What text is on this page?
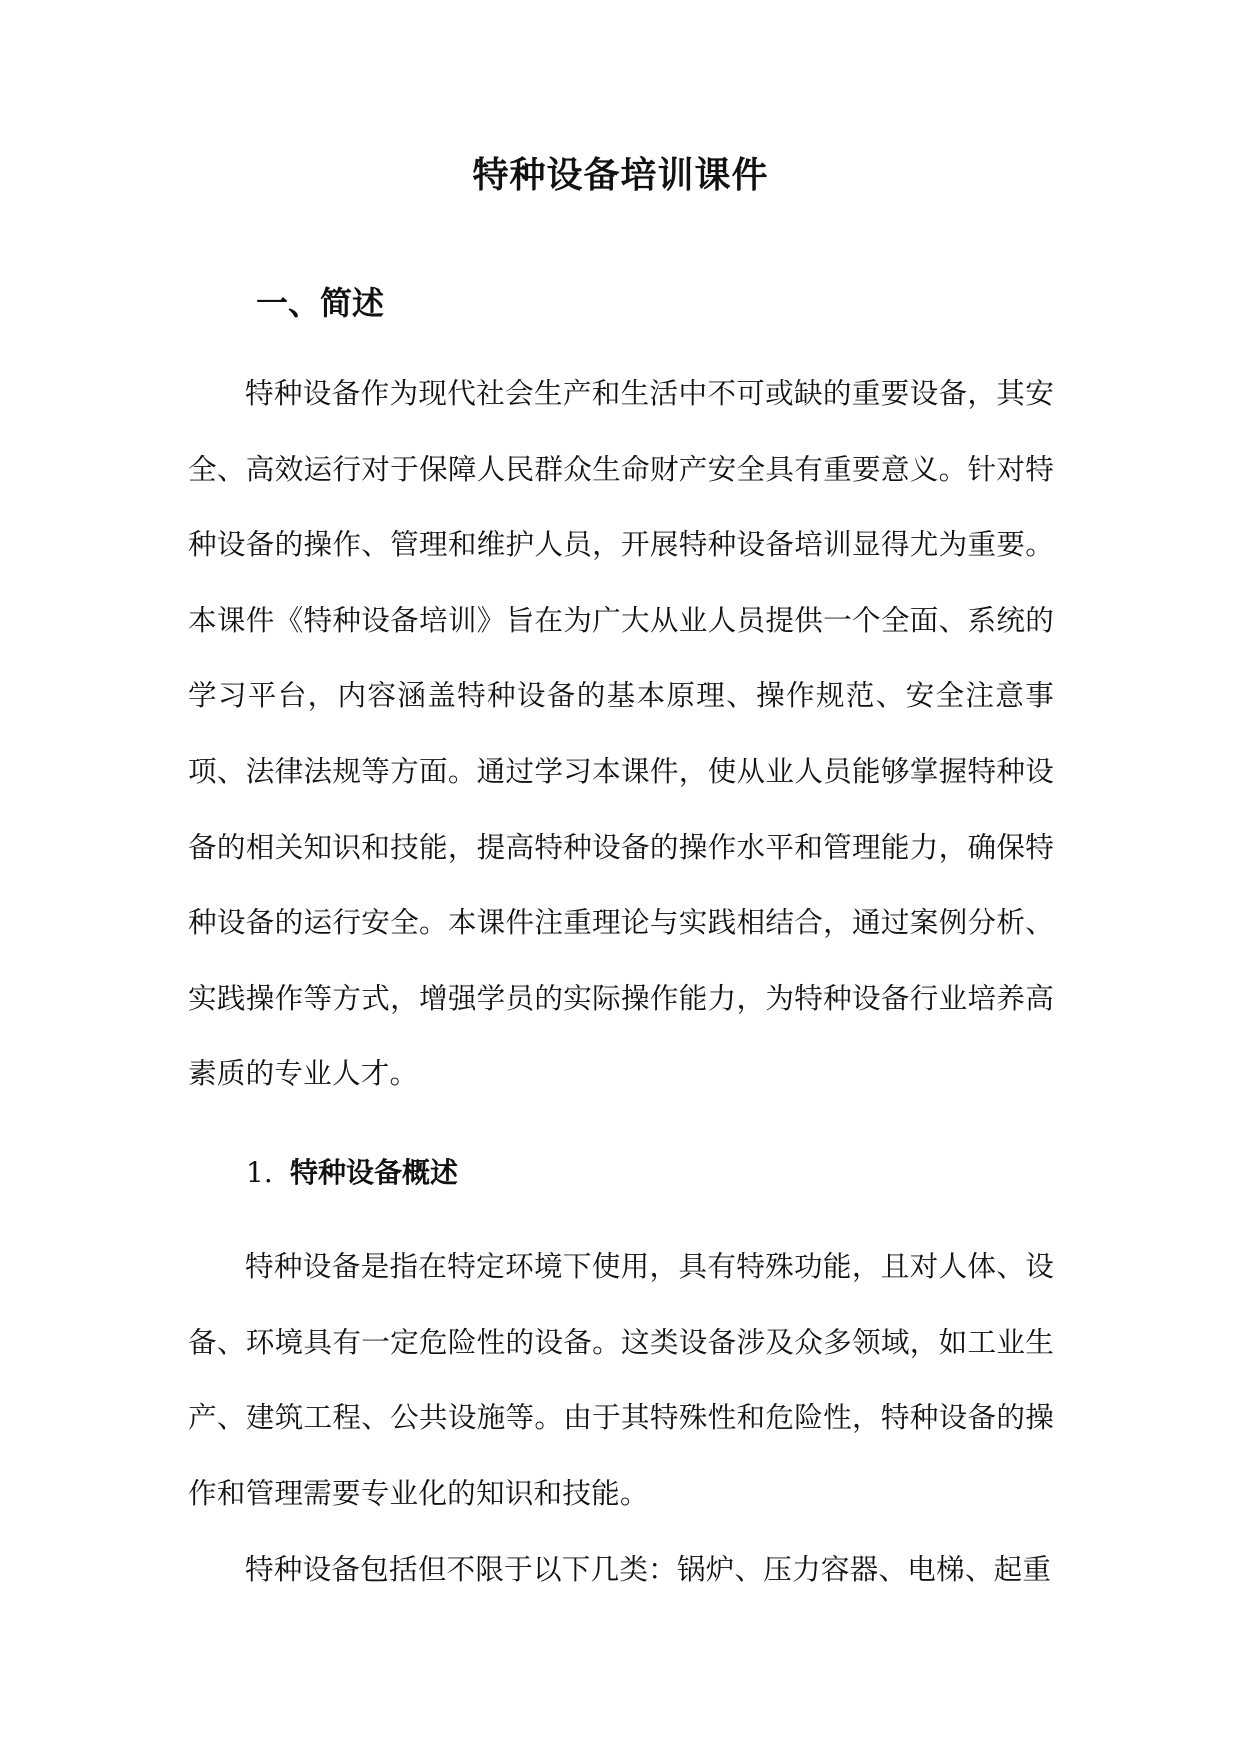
特种设备培训课件
一、简述

特种设备作为现代社会生产和生活中不可或缺的重要设备，其安全、高效运行对于保障人民群众生命财产安全具有重要意义。针对特种设备的操作、管理和维护人员，开展特种设备培训显得尤为重要。本课件《特种设备培训》旨在为广大从业人员提供一个全面、系统的学习平台，内容涵盖特种设备的基本原理、操作规范、安全注意事项、法律法规等方面。通过学习本课件，使从业人员能够掌握特种设备的相关知识和技能，提高特种设备的操作水平和管理能力，确保特种设备的运行安全。本课件注重理论与实践相结合，通过案例分析、实践操作等方式，增强学员的实际操作能力，为特种设备行业培养高素质的专业人才。

1. 特种设备概述

特种设备是指在特定环境下使用，具有特殊功能，且对人体、设备、环境具有一定危险性的设备。这类设备涉及众多领域，如工业生产、建筑工程、公共设施等。由于其特殊性和危险性，特种设备的操作和管理需要专业化的知识和技能。

特种设备包括但不限于以下几类：锅炉、压力容器、电梯、起重
